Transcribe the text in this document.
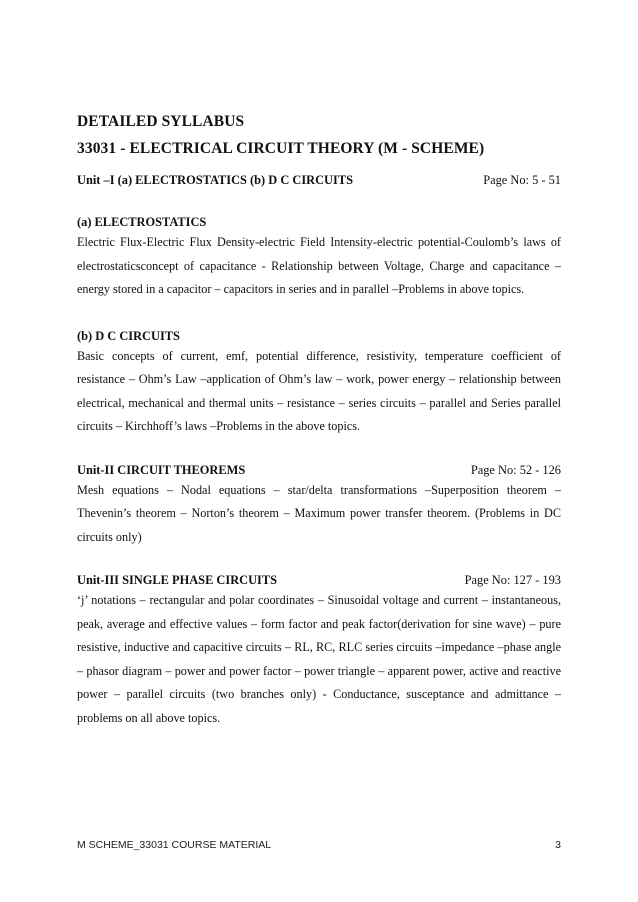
DETAILED SYLLABUS
33031 - ELECTRICAL CIRCUIT THEORY (M - SCHEME)
Unit –I (a) ELECTROSTATICS (b) D C CIRCUITS	Page No: 5 - 51
(a) ELECTROSTATICS

Electric Flux-Electric Flux Density-electric Field Intensity-electric potential-Coulomb’s laws of electrostaticsconcept of capacitance - Relationship between Voltage, Charge and capacitance – energy stored in a capacitor – capacitors in series and in parallel –Problems in above topics.

(b) D C CIRCUITS

Basic concepts of current, emf, potential difference, resistivity, temperature coefficient of resistance – Ohm’s Law –application of Ohm’s law – work, power energy – relationship between electrical, mechanical and thermal units – resistance – series circuits – parallel and Series parallel circuits – Kirchhoff’s laws –Problems in the above topics.

Unit-II CIRCUIT THEOREMS	Page No: 52 - 126

Mesh equations – Nodal equations – star/delta transformations –Superposition theorem – Thevenin’s theorem – Norton’s theorem – Maximum power transfer theorem. (Problems in DC circuits only)

Unit-III SINGLE PHASE CIRCUITS	Page No: 127 - 193

‘j’ notations – rectangular and polar coordinates – Sinusoidal voltage and current – instantaneous, peak, average and effective values – form factor and peak factor(derivation for sine wave) – pure resistive, inductive and capacitive circuits – RL, RC, RLC series circuits –impedance –phase angle – phasor diagram – power and power factor – power triangle – apparent power, active and reactive power – parallel circuits (two branches only) - Conductance, susceptance and admittance –problems on all above topics.

M SCHEME_33031 COURSE MATERIAL	3
